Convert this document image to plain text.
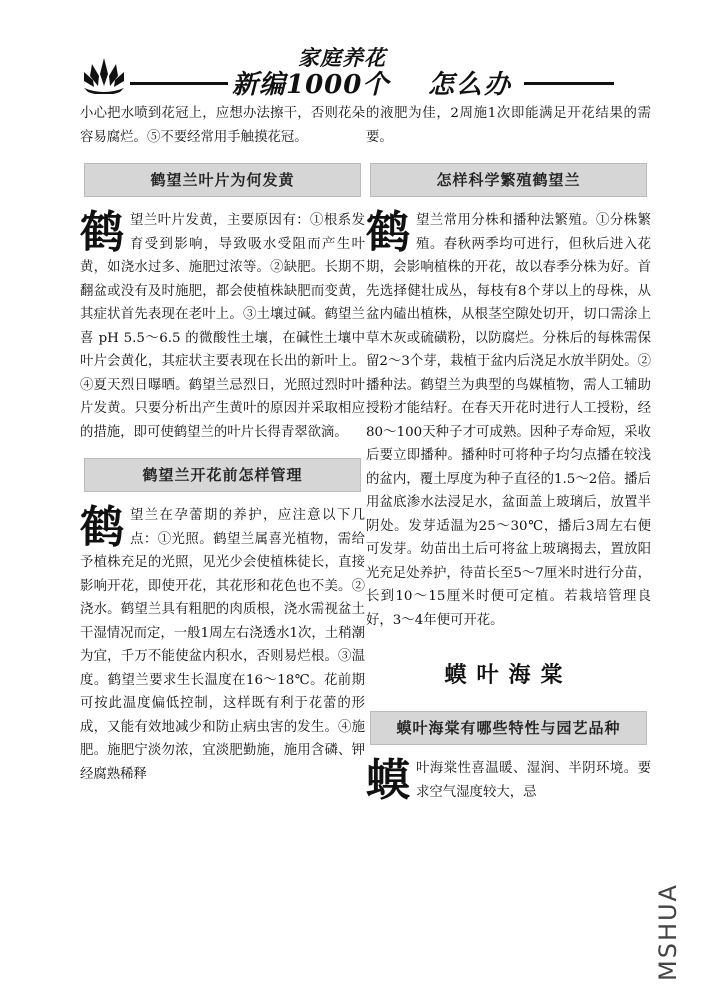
家庭养花
新编1000个 怎么办

小心把水喷到花冠上，应想办法擦干，否则花朵容易腐烂。⑤不要经常用手触摸花冠。

鹤望兰叶片为何发黄

鹤望兰叶片发黄，主要原因有：①根系发育受到影响，导致吸水受阻而产生叶黄，如浇水过多、施肥过浓等。②缺肥。长期不翻盆或没有及时施肥，都会使植株缺肥而变黄，其症状首先表现在老叶上。③土壤过碱。鹤望兰喜 pH 5.5～6.5 的微酸性土壤，在碱性土壤中叶片会黄化，其症状主要表现在长出的新叶上。④夏天烈日曝晒。鹤望兰忌烈日，光照过烈时叶片发黄。只要分析出产生黄叶的原因并采取相应的措施，即可使鹤望兰的叶片长得青翠欲滴。

鹤望兰开花前怎样管理

鹤望兰在孕蕾期的养护，应注意以下几点：①光照。鹤望兰属喜光植物，需给予植株充足的光照，见光少会使植株徒长，直接影响开花，即使开花，其花形和花色也不美。②浇水。鹤望兰具有粗肥的肉质根，浇水需视盆土干湿情况而定，一般1周左右浇透水1次，土稍潮为宜，千万不能使盆内积水，否则易烂根。③温度。鹤望兰要求生长温度在16～18℃。花前期可按此温度偏低控制，这样既有利于花蕾的形成，又能有效地减少和防止病虫害的发生。④施肥。施肥宁淡勿浓，宜淡肥勤施，施用含磷、钾经腐熟稀释

的液肥为佳，2周施1次即能满足开花结果的需要。

怎样科学繁殖鹤望兰

鹤望兰常用分株和播种法繁殖。①分株繁殖。春秋两季均可进行，但秋后进入花期，会影响植株的开花，故以春季分株为好。首先选择健壮成丛，每枝有8个芽以上的母株，从盆内磕出植株，从根茎空隙处切开，切口需涂上草木灰或硫磺粉，以防腐烂。分株后的每株需保留2～3个芽，栽植于盆内后浇足水放半阴处。②播种法。鹤望兰为典型的鸟媒植物，需人工辅助授粉才能结籽。在春天开花时进行人工授粉，经80～100天种子才可成熟。因种子寿命短，采收后要立即播种。播种时可将种子均匀点播在较浅的盆内，覆土厚度为种子直径的1.5～2倍。播后用盆底渗水法浸足水，盆面盖上玻璃后，放置半阴处。发芽适温为25～30℃，播后3周左右便可发芽。幼苗出土后可将盆上玻璃揭去，置放阳光充足处养护，待苗长至5～7厘米时进行分苗，长到10～15厘米时便可定植。若栽培管理良好，3～4年便可开花。

蟆叶海棠
蟆叶海棠有哪些特性与园艺品种

蟆叶海棠性喜温暖、湿润、半阴环境。要求空气湿度较大，忌

MSHUA
